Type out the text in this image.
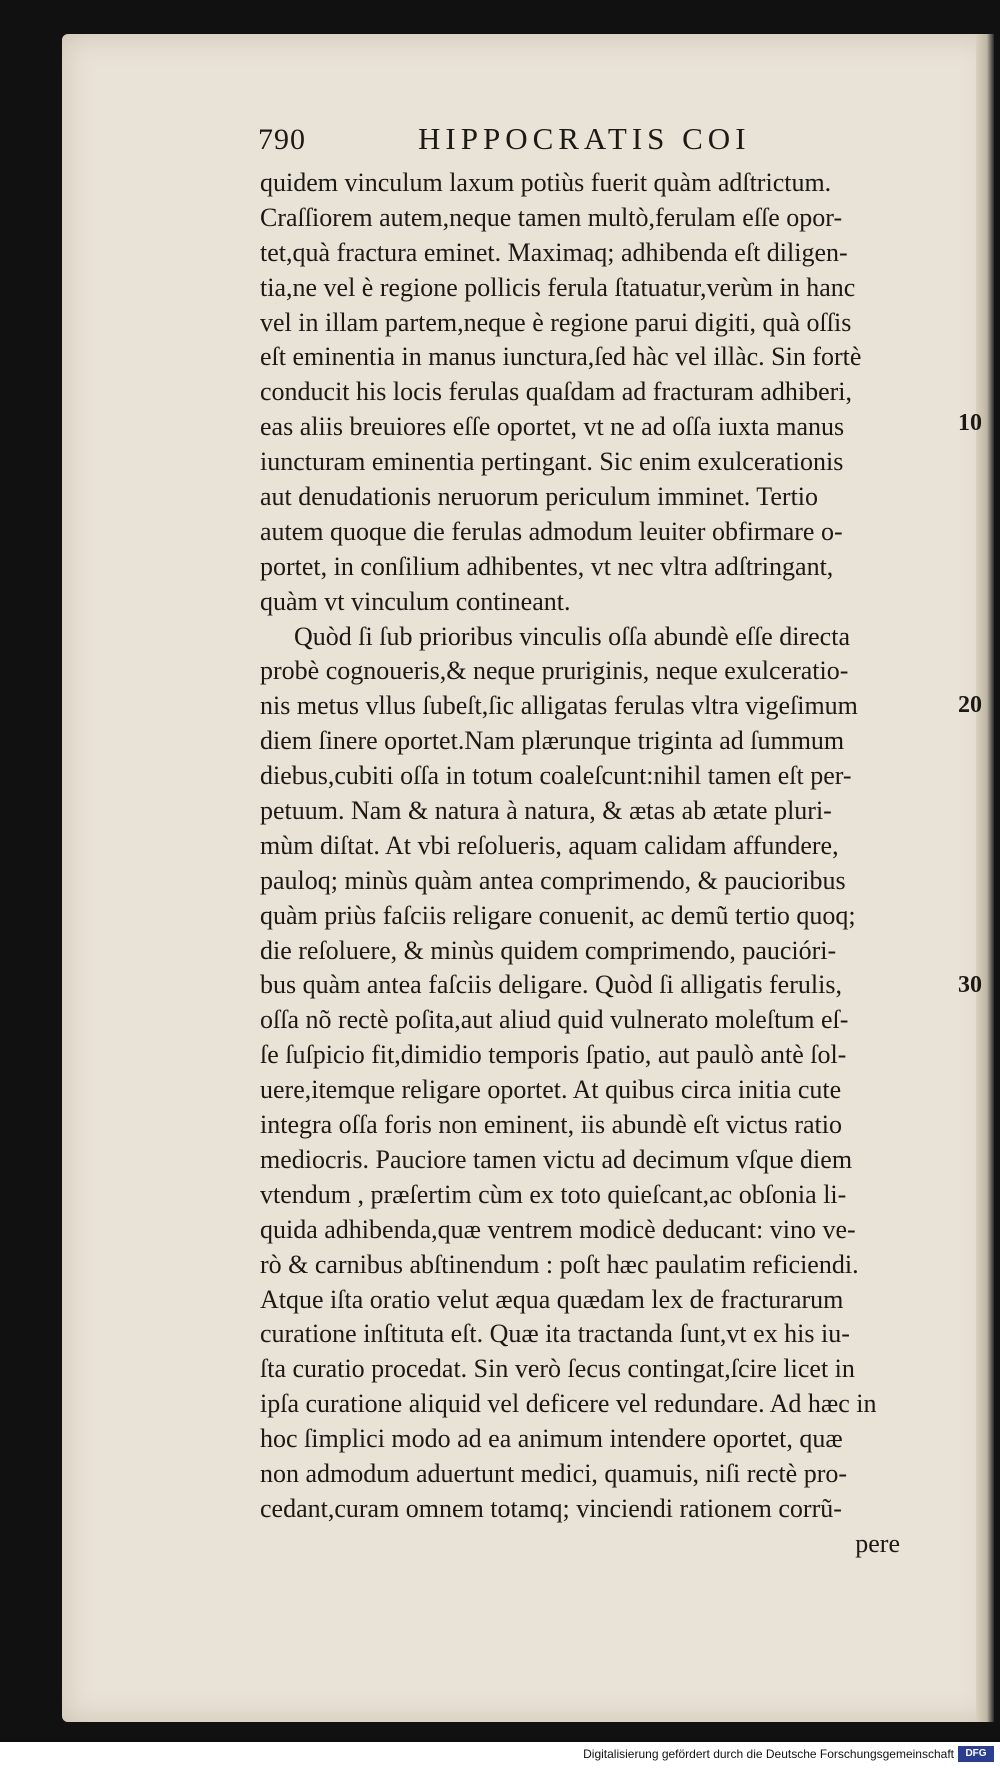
790	HIPPOCRATIS COI
quidem vinculum laxum potiùs fuerit quàm adſtrictum.
Craſſiorem autem,neque tamen multò,ferulam eſſe opor-
tet,quà fractura eminet. Maximaq; adhibenda eſt diligen-
tia,ne vel è regione pollicis ferula ſtatuatur,verùm in hanc
vel in illam partem,neque è regione parui digiti, quà oſſis
eſt eminentia in manus iunctura,ſed hàc vel illàc. Sin fortè
conducit his locis ferulas quaſdam ad fracturam adhiberi,
eas aliis breuiores eſſe oportet, vt ne ad oſſa iuxta manus
iuncturam eminentia pertingant. Sic enim exulcerationis
aut denudationis neruorum periculum imminet. Tertio
autem quoque die ferulas admodum leuiter obfirmare o-
portet, in conſilium adhibentes, vt nec vltra adſtringant,
quàm vt vinculum contineant.
Quòd ſi ſub prioribus vinculis oſſa abundè eſſe directa
probè cognoueris,& neque pruriginis, neque exulceratio-
nis metus vllus ſubeſt,ſic alligatas ferulas vltra vigeſimum
diem ſinere oportet.Nam plærunque triginta ad ſummum
diebus,cubiti oſſa in totum coaleſcunt:nihil tamen eſt per-
petuum. Nam & natura à natura, & ætas ab ætate pluri-
mùm diſtat. At vbi reſolueris, aquam calidam affundere,
pauloq; minùs quàm antea comprimendo, & paucioribus
quàm priùs faſciis religare conuenit, ac demũ tertio quoq;
die reſoluere, & minùs quidem comprimendo, paucióri-
bus quàm antea faſciis deligare. Quòd ſi alligatis ferulis,
oſſa nõ rectè poſita,aut aliud quid vulnerato moleſtum eſ-
ſe ſuſpicio fit,dimidio temporis ſpatio, aut paulò antè ſol-
uere,itemque religare oportet. At quibus circa initia cute
integra oſſa foris non eminent, iis abundè eſt victus ratio
mediocris. Pauciore tamen victu ad decimum vſque diem
vtendum , præſertim cùm ex toto quieſcant,ac obſonia li-
quida adhibenda,quæ ventrem modicè deducant: vino ve-
rò & carnibus abſtinendum : poſt hæc paulatim reficiendi.
Atque iſta oratio velut æqua quædam lex de fracturarum
curatione inſtituta eſt. Quæ ita tractanda ſunt,vt ex his iu-
ſta curatio procedat. Sin verò ſecus contingat,ſcire licet in
ipſa curatione aliquid vel deficere vel redundare. Ad hæc in
hoc ſimplici modo ad ea animum intendere oportet, quæ
non admodum aduertunt medici, quamuis, niſi rectè pro-
cedant,curam omnem totamq; vinciendi rationem corrũ-
pere
10
20
30
Digitalisierung gefördert durch die Deutsche Forschungsgemeinschaft	DFG
